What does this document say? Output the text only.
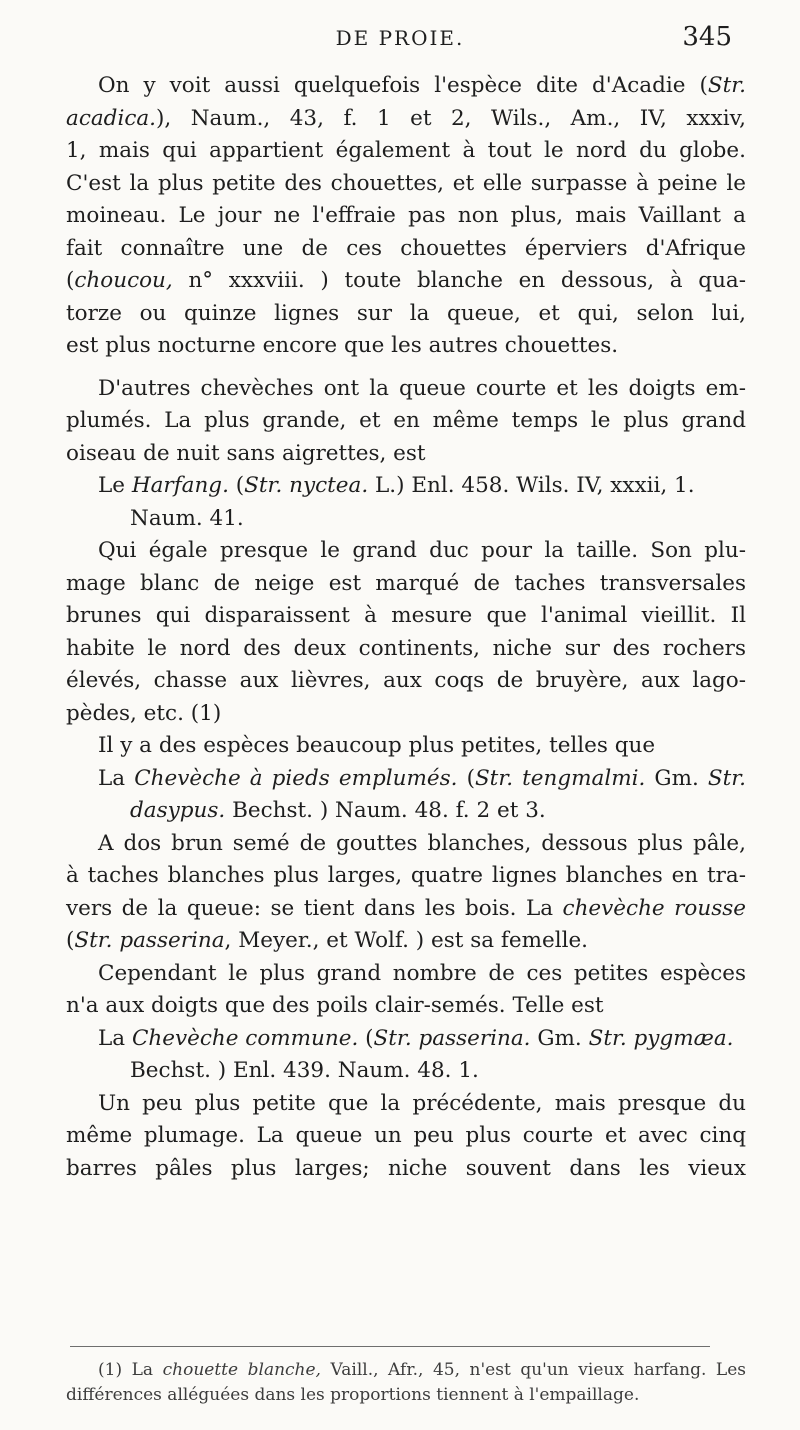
DE PROIE.	345

On y voit aussi quelquefois l'espèce dite d'Acadie (Str.
acadica.), Naum., 43, f. 1 et 2, Wils., Am., IV, xxxiv,
1, mais qui appartient également à tout le nord du globe.
C'est la plus petite des chouettes, et elle surpasse à peine le
moineau. Le jour ne l'effraie pas non plus, mais Vaillant a
fait connaître une de ces chouettes éperviers d'Afrique
(choucou, n° xxxviii. ) toute blanche en dessous, à qua-
torze ou quinze lignes sur la queue, et qui, selon lui,
est plus nocturne encore que les autres chouettes.

D'autres chevèches ont la queue courte et les doigts em-
plumés. La plus grande, et en même temps le plus grand
oiseau de nuit sans aigrettes, est

Le Harfang. (Str. nyctea. L.) Enl. 458. Wils. IV, xxxii, 1.
Naum. 41.

Qui égale presque le grand duc pour la taille. Son plu-
mage blanc de neige est marqué de taches transversales
brunes qui disparaissent à mesure que l'animal vieillit. Il
habite le nord des deux continents, niche sur des rochers
élevés, chasse aux lièvres, aux coqs de bruyère, aux lago-
pèdes, etc. (1)
Il y a des espèces beaucoup plus petites, telles que

La Chevèche à pieds emplumés. (Str. tengmalmi. Gm. Str.
dasypus. Bechst. ) Naum. 48. f. 2 et 3.

A dos brun semé de gouttes blanches, dessous plus pâle,
à taches blanches plus larges, quatre lignes blanches en tra-
vers de la queue: se tient dans les bois. La chevèche rousse
(Str. passerina, Meyer., et Wolf. ) est sa femelle.
Cependant le plus grand nombre de ces petites espèces
n'a aux doigts que des poils clair-semés. Telle est

La Chevèche commune. (Str. passerina. Gm. Str. pygmæa.
Bechst. ) Enl. 439. Naum. 48. 1.

Un peu plus petite que la précédente, mais presque du
même plumage. La queue un peu plus courte et avec cinq
barres pâles plus larges; niche souvent dans les vieux

(1) La chouette blanche, Vaill., Afr., 45, n'est qu'un vieux harfang. Les
différences alléguées dans les proportions tiennent à l'empaillage.
